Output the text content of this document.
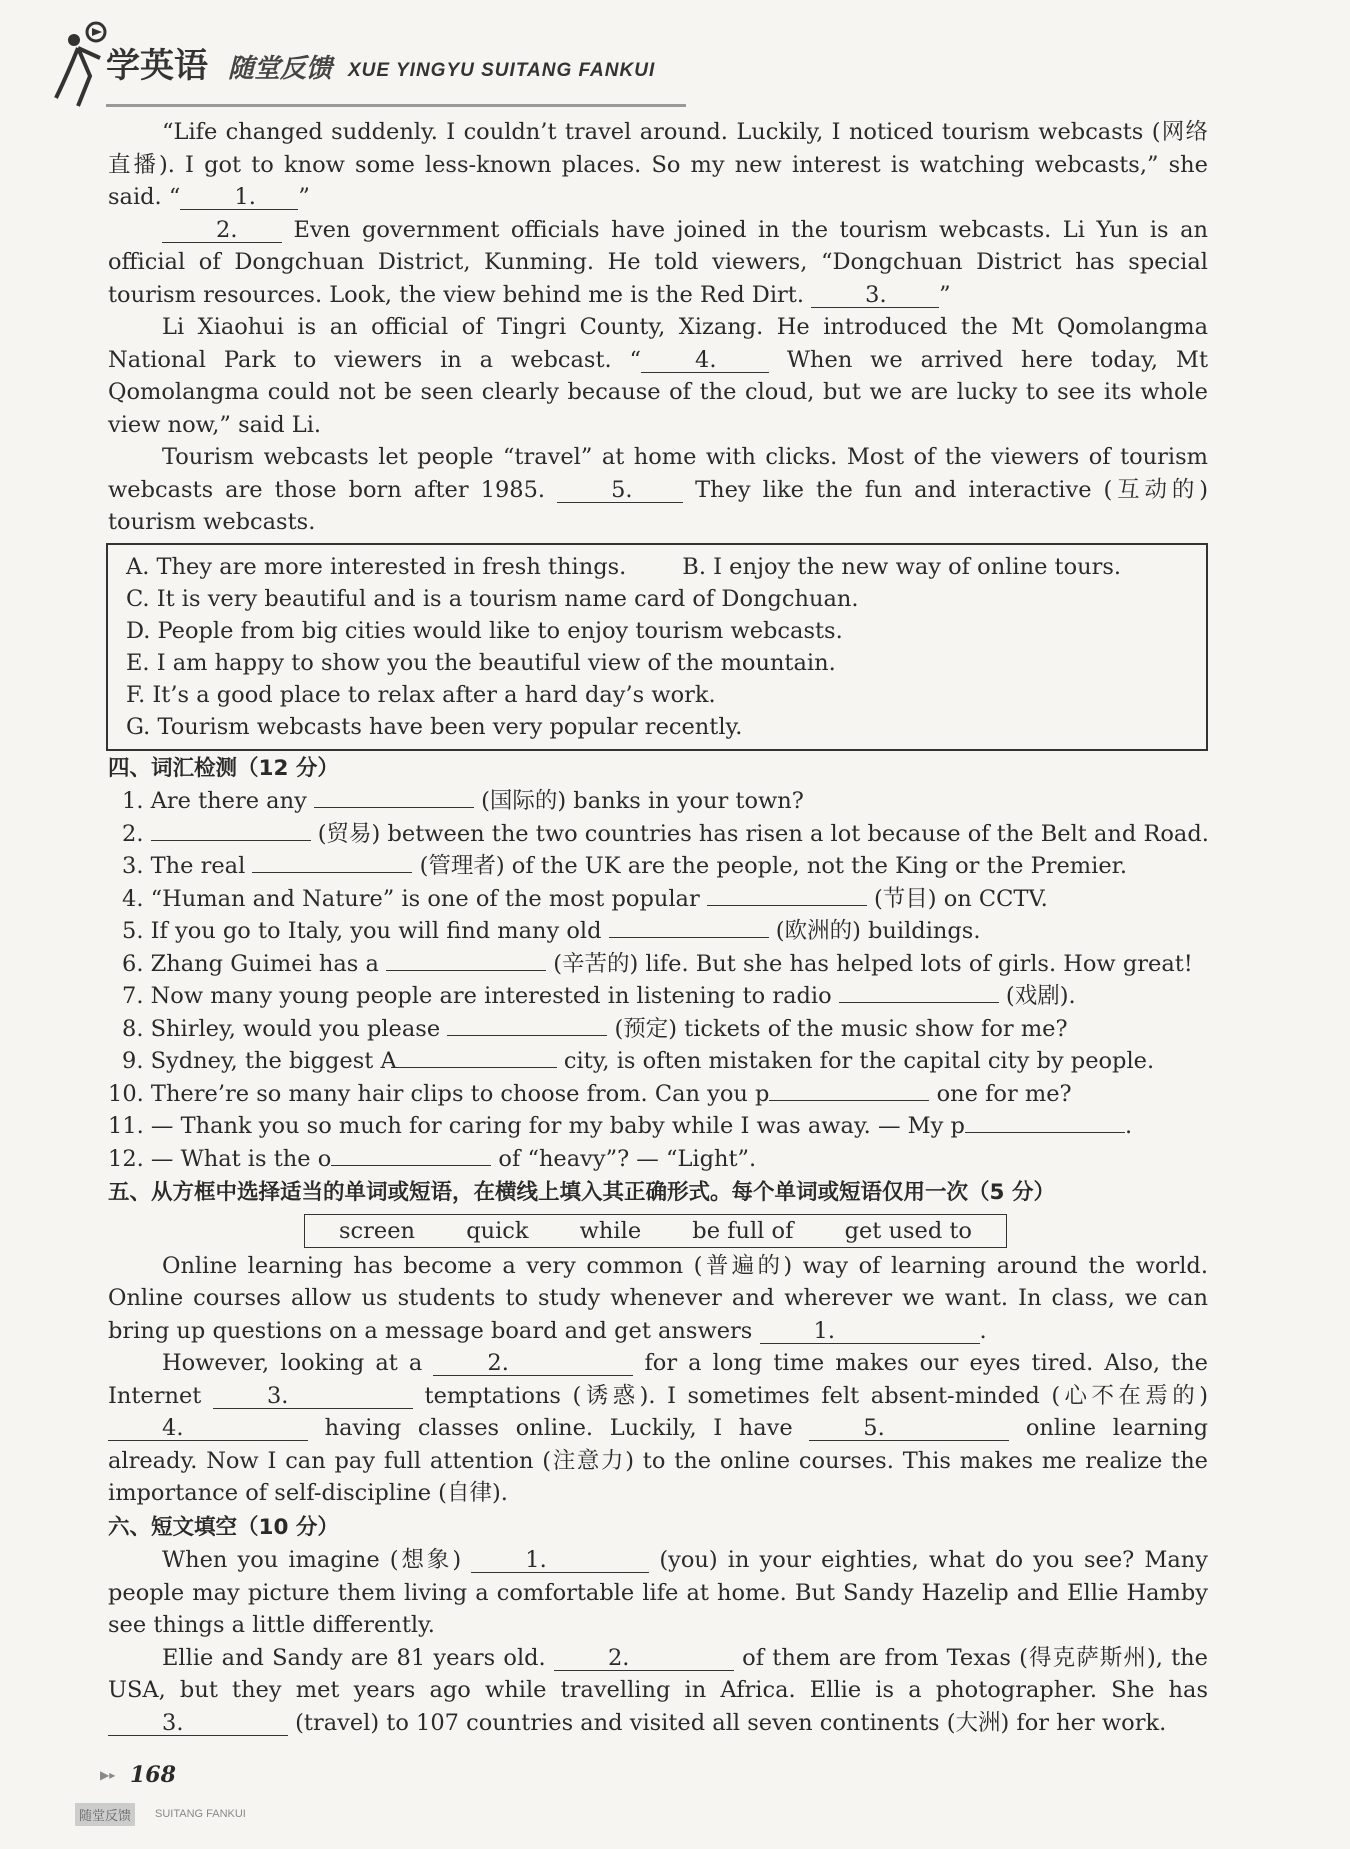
学英语 随堂反馈 XUE YINGYU SUITANG FANKUI

“Life changed suddenly. I couldn’t travel around. Luckily, I noticed tourism webcasts (网络直播). I got to know some less-known places. So my new interest is watching webcasts,” she said. “ 1. ”

2. Even government officials have joined in the tourism webcasts. Li Yun is an official of Dongchuan District, Kunming. He told viewers, “Dongchuan District has special tourism resources. Look, the view behind me is the Red Dirt. 3. ”

Li Xiaohui is an official of Tingri County, Xizang. He introduced the Mt Qomolangma National Park to viewers in a webcast. “ 4. When we arrived here today, Mt Qomolangma could not be seen clearly because of the cloud, but we are lucky to see its whole view now,” said Li.

Tourism webcasts let people “travel” at home with clicks. Most of the viewers of tourism webcasts are those born after 1985. 5. They like the fun and interactive (互动的) tourism webcasts.

A. They are more interested in fresh things. B. I enjoy the new way of online tours.
C. It is very beautiful and is a tourism name card of Dongchuan.
D. People from big cities would like to enjoy tourism webcasts.
E. I am happy to show you the beautiful view of the mountain.
F. It’s a good place to relax after a hard day’s work.
G. Tourism webcasts have been very popular recently.
四、词汇检测（12 分）
1. Are there any	(国际的) banks in your town?
2.	(贸易) between the two countries has risen a lot because of the Belt and Road.
3. The real	(管理者) of the UK are the people, not the King or the Premier.
4. “Human and Nature” is one of the most popular	(节目) on CCTV.
5. If you go to Italy, you will find many old	(欧洲的) buildings.
6. Zhang Guimei has a	(辛苦的) life. But she has helped lots of girls. How great!
7. Now many young people are interested in listening to radio	(戏剧).
8. Shirley, would you please	(预定) tickets of the music show for me?
9. Sydney, the biggest A	city, is often mistaken for the capital city by people.
10. There’re so many hair clips to choose from. Can you p	one for me?
11. — Thank you so much for caring for my baby while I was away. — My p	.
12. — What is the o	of “heavy”? — “Light”.
五、从方框中选择适当的单词或短语，在横线上填入其正确形式。每个单词或短语仅用一次（5 分）
screen quick while be full of get used to

Online learning has become a very common (普遍的) way of learning around the world. Online courses allow us students to study whenever and wherever we want. In class, we can bring up questions on a message board and get answers 1.	.

However, looking at a 2.	for a long time makes our eyes tired. Also, the Internet 3.	temptations (诱惑). I sometimes felt absent-minded (心不在焉的) 4.	having classes online. Luckily, I have 5.	online learning already. Now I can pay full attention (注意力) to the online courses. This makes me realize the importance of self-discipline (自律).

六、短文填空（10 分）

When you imagine (想象) 1.	(you) in your eighties, what do you see? Many people may picture them living a comfortable life at home. But Sandy Hazelip and Ellie Hamby see things a little differently.

Ellie and Sandy are 81 years old. 2.	of them are from Texas (得克萨斯州), the USA, but they met years ago while travelling in Africa. Ellie is a photographer. She has 3.	(travel) to 107 countries and visited all seven continents (大洲) for her work.

▶▸ 168
随堂反馈	SUITANG FANKUI
